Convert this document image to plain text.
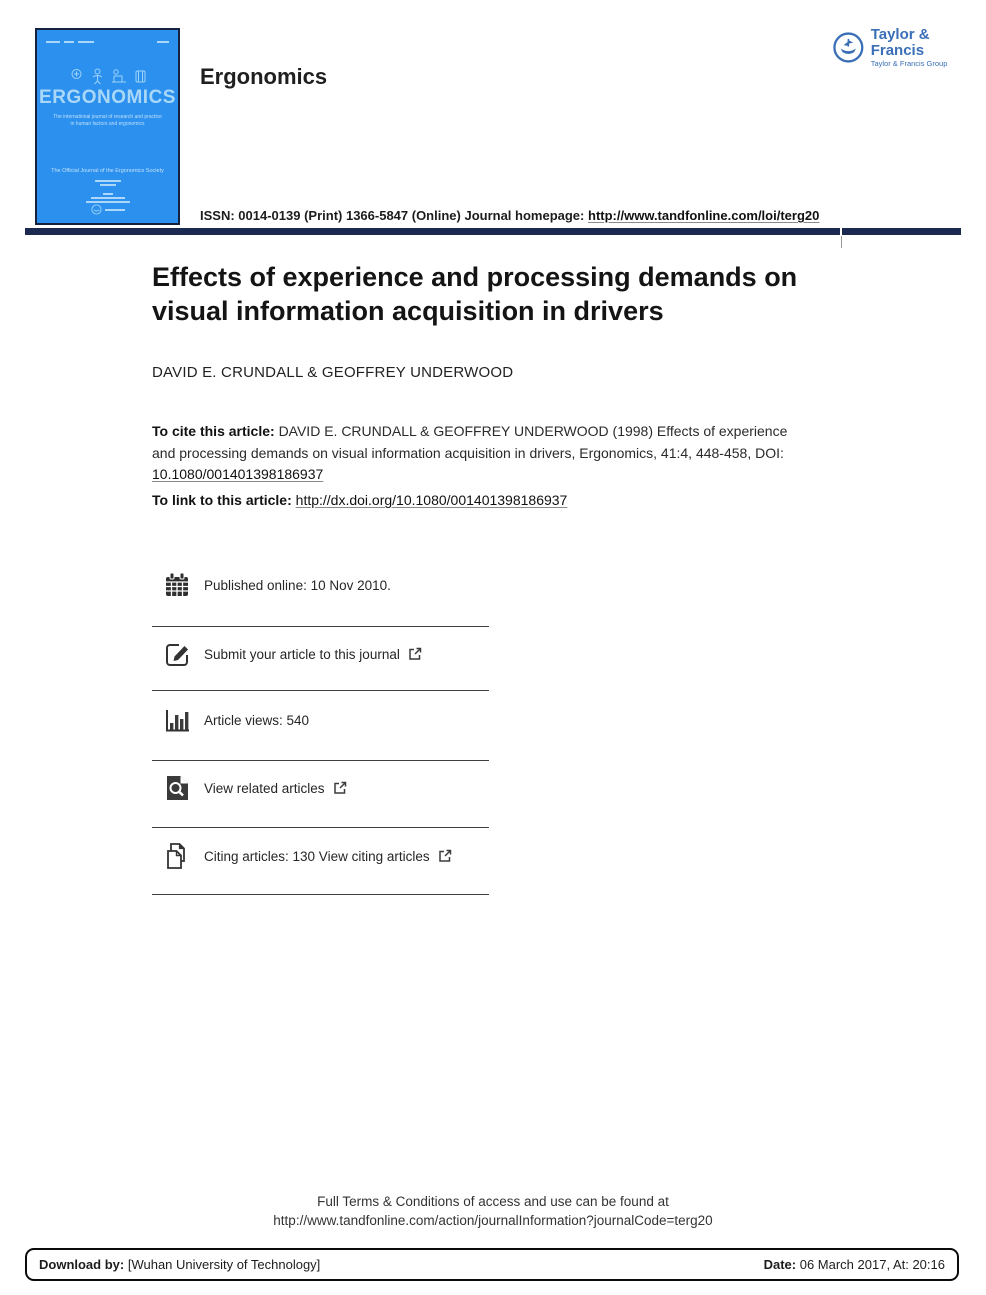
ERGONOMICS
The international journal of research and practice
in human factors and ergonomics
The Official Journal of the Ergonomics Society
Ergonomics
Taylor & Francis
Taylor & Francis Group
ISSN: 0014-0139 (Print) 1366-5847 (Online) Journal homepage: http://www.tandfonline.com/loi/terg20
Effects of experience and processing demands on visual information acquisition in drivers
DAVID E. CRUNDALL & GEOFFREY UNDERWOOD

To cite this article: DAVID E. CRUNDALL & GEOFFREY UNDERWOOD (1998) Effects of experience and processing demands on visual information acquisition in drivers, Ergonomics, 41:4, 448-458, DOI: 10.1080/001401398186937

To link to this article: http://dx.doi.org/10.1080/001401398186937

Published online: 10 Nov 2010.
Submit your article to this journal
Article views: 540
View related articles
Citing articles: 130 View citing articles
Full Terms & Conditions of access and use can be found at
http://www.tandfonline.com/action/journalInformation?journalCode=terg20
Download by: [Wuhan University of Technology]	Date: 06 March 2017, At: 20:16
